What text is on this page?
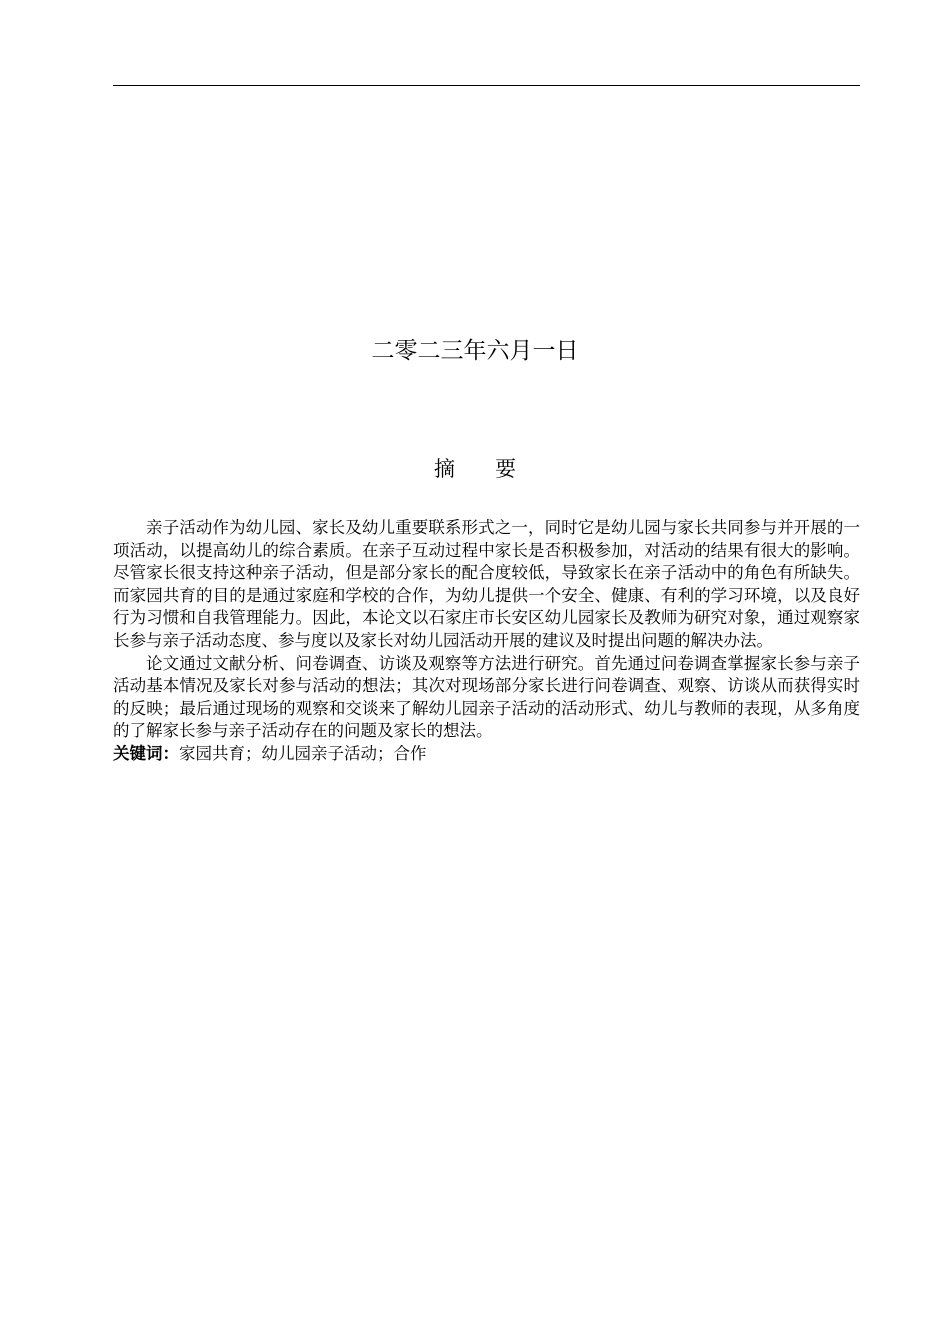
二零二三年六月一日
摘要

亲子活动作为幼儿园、家长及幼儿重要联系形式之一，同时它是幼儿园与家长共同参与并开展的一项活动，以提高幼儿的综合素质。在亲子互动过程中家长是否积极参加，对活动的结果有很大的影响。尽管家长很支持这种亲子活动，但是部分家长的配合度较低，导致家长在亲子活动中的角色有所缺失。而家园共育的目的是通过家庭和学校的合作，为幼儿提供一个安全、健康、有利的学习环境，以及良好行为习惯和自我管理能力。因此，本论文以石家庄市长安区幼儿园家长及教师为研究对象，通过观察家长参与亲子活动态度、参与度以及家长对幼儿园活动开展的建议及时提出问题的解决办法。

论文通过文献分析、问卷调查、访谈及观察等方法进行研究。首先通过问卷调查掌握家长参与亲子活动基本情况及家长对参与活动的想法；其次对现场部分家长进行问卷调查、观察、访谈从而获得实时的反映；最后通过现场的观察和交谈来了解幼儿园亲子活动的活动形式、幼儿与教师的表现，从多角度的了解家长参与亲子活动存在的问题及家长的想法。

关键词：家园共育；幼儿园亲子活动；合作
